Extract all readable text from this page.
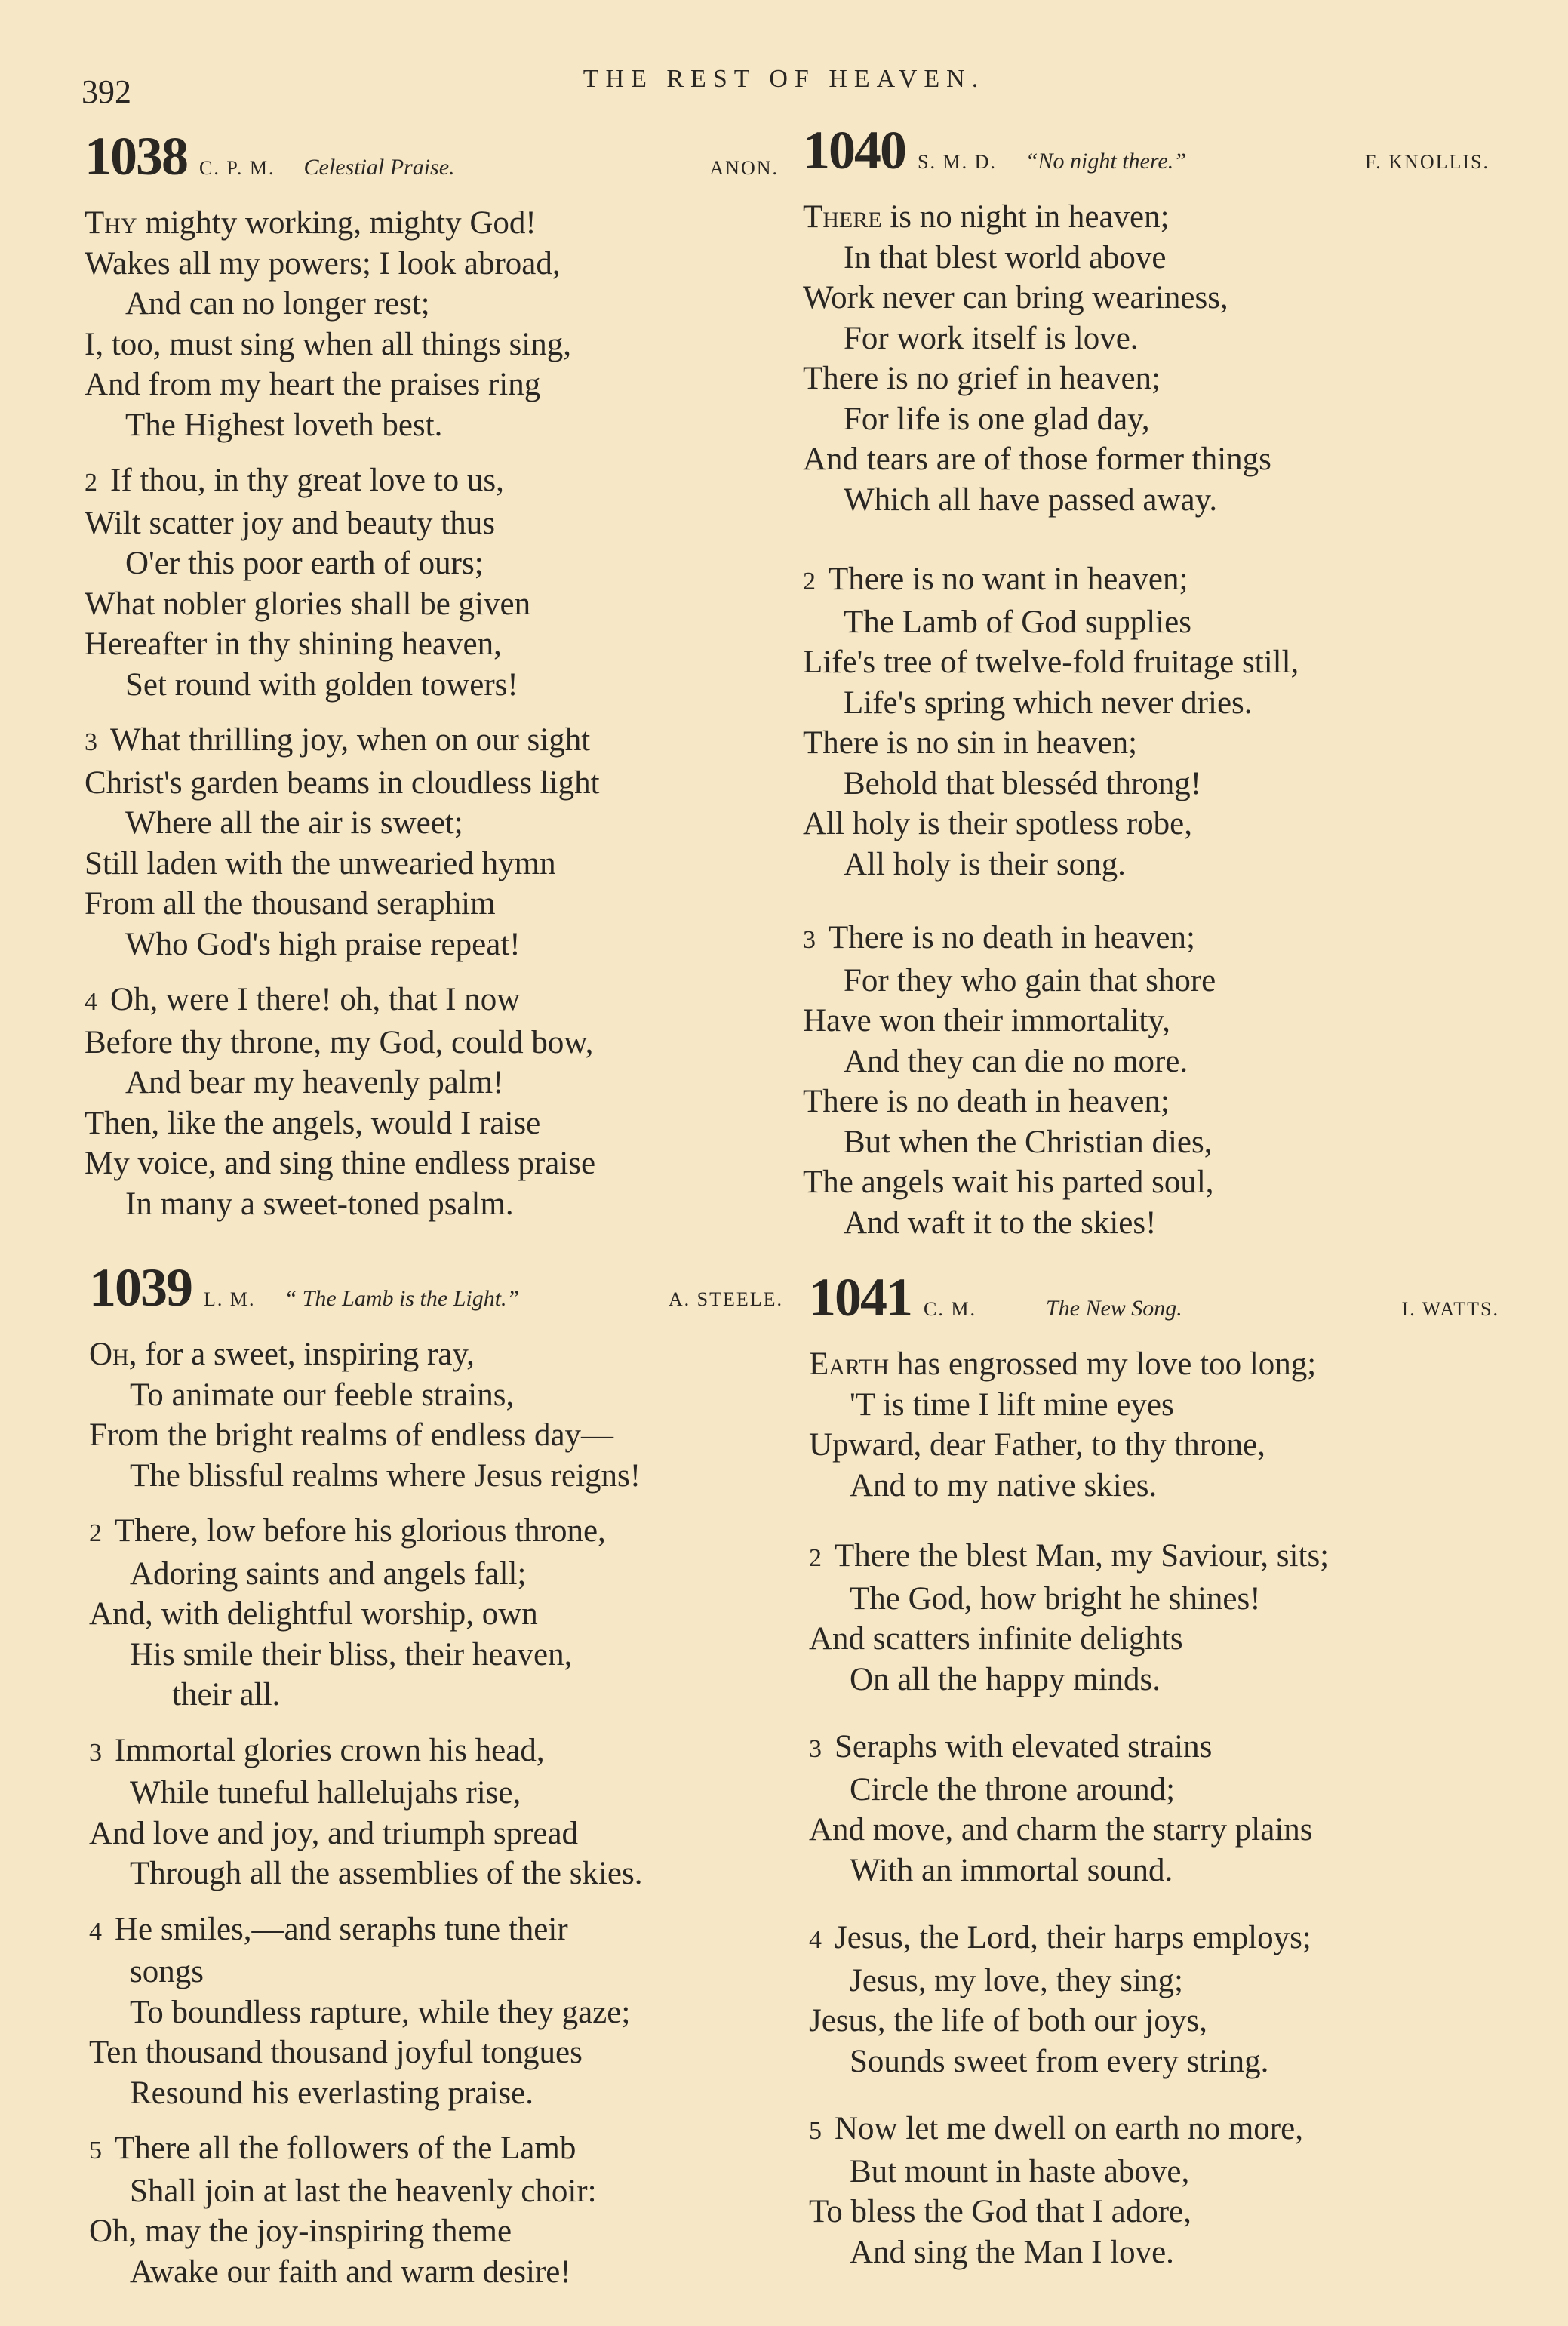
392	THE REST OF HEAVEN.
1038 C. P. M. Celestial Praise.	ANON.
Thy mighty working, mighty God!
Wakes all my powers; I look abroad,
And can no longer rest;
I, too, must sing when all things sing,
And from my heart the praises ring
The Highest loveth best.
2 If thou, in thy great love to us,
Wilt scatter joy and beauty thus
O'er this poor earth of ours;
What nobler glories shall be given
Hereafter in thy shining heaven,
Set round with golden towers!
3 What thrilling joy, when on our sight
Christ's garden beams in cloudless light
Where all the air is sweet;
Still laden with the unwearied hymn
From all the thousand seraphim
Who God's high praise repeat!
4 Oh, were I there! oh, that I now
Before thy throne, my God, could bow,
And bear my heavenly palm!
Then, like the angels, would I raise
My voice, and sing thine endless praise
In many a sweet-toned psalm.
1039 L. M. “ The Lamb is the Light.”	A. STEELE.
Oh, for a sweet, inspiring ray,
To animate our feeble strains,
From the bright realms of endless day—
The blissful realms where Jesus reigns!
2 There, low before his glorious throne,
Adoring saints and angels fall;
And, with delightful worship, own
His smile their bliss, their heaven,
their all.
3 Immortal glories crown his head,
While tuneful hallelujahs rise,
And love and joy, and triumph spread
Through all the assemblies of the skies.
4 He smiles,—and seraphs tune their
songs
To boundless rapture, while they gaze;
Ten thousand thousand joyful tongues
Resound his everlasting praise.
5 There all the followers of the Lamb
Shall join at last the heavenly choir:
Oh, may the joy-inspiring theme
Awake our faith and warm desire!
1040 S. M. D. “No night there.”	F. KNOLLIS.
There is no night in heaven;
In that blest world above
Work never can bring weariness,
For work itself is love.
There is no grief in heaven;
For life is one glad day,
And tears are of those former things
Which all have passed away.
2 There is no want in heaven;
The Lamb of God supplies
Life's tree of twelve-fold fruitage still,
Life's spring which never dries.
There is no sin in heaven;
Behold that blesséd throng!
All holy is their spotless robe,
All holy is their song.
3 There is no death in heaven;
For they who gain that shore
Have won their immortality,
And they can die no more.
There is no death in heaven;
But when the Christian dies,
The angels wait his parted soul,
And waft it to the skies!
1041 C. M.	The New Song.	I. WATTS.
Earth has engrossed my love too long;
'T is time I lift mine eyes
Upward, dear Father, to thy throne,
And to my native skies.
2 There the blest Man, my Saviour, sits;
The God, how bright he shines!
And scatters infinite delights
On all the happy minds.
3 Seraphs with elevated strains
Circle the throne around;
And move, and charm the starry plains
With an immortal sound.
4 Jesus, the Lord, their harps employs;
Jesus, my love, they sing;
Jesus, the life of both our joys,
Sounds sweet from every string.
5 Now let me dwell on earth no more,
But mount in haste above,
To bless the God that I adore,
And sing the Man I love.
